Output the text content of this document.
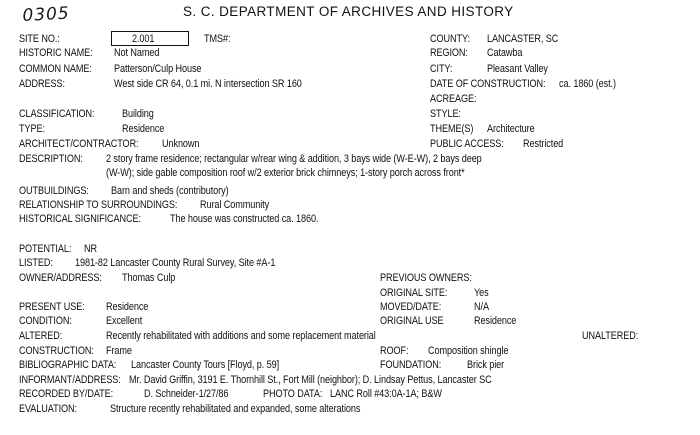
0305	S. C. DEPARTMENT OF ARCHIVES AND HISTORY
SITE NO.:	2.001	TMS#:
HISTORIC NAME: Not Named
COMMON NAME: Patterson/Culp House
ADDRESS:	West side CR 64, 0.1 mi. N intersection SR 160
COUNTY: LANCASTER, SC
REGION: Catawba
CITY:	Pleasant Valley
DATE OF CONSTRUCTION: ca. 1860 (est.)
ACREAGE:
STYLE:
THEME(S) Architecture
PUBLIC ACCESS: Restricted
CLASSIFICATION:	Building
TYPE:	Residence
ARCHITECT/CONTRACTOR: Unknown
DESCRIPTION: 2 story frame residence; rectangular w/rear wing & addition, 3 bays wide (W-E-W), 2 bays deep
(W-W); side gable composition roof w/2 exterior brick chimneys; 1-story porch across front*
OUTBUILDINGS: Barn and sheds (contributory)
RELATIONSHIP TO SURROUNDINGS: Rural Community
HISTORICAL SIGNIFICANCE:	The house was constructed ca. 1860.
POTENTIAL: NR
LISTED: 1981-82 Lancaster County Rural Survey, Site #A-1
OWNER/ADDRESS: Thomas Culp	PREVIOUS OWNERS:
ORIGINAL SITE:	Yes
PRESENT USE: Residence	MOVED/DATE:	N/A
CONDITION:	Excellent	ORIGINAL USE	Residence
ALTERED:	Recently rehabilitated with additions and some replacement material	UNALTERED:
CONSTRUCTION: Frame	ROOF: Composition shingle
BIBLIOGRAPHIC DATA: Lancaster County Tours [Floyd, p. 59]	FOUNDATION: Brick pier
INFORMANT/ADDRESS: Mr. David Griffin, 3191 E. Thornhill St., Fort Mill (neighbor); D. Lindsay Pettus, Lancaster SC
RECORDED BY/DATE:	D. Schneider-1/27/86	PHOTO DATA: LANC Roll #43:0A-1A; B&W
EVALUATION:	Structure recently rehabilitated and expanded, some alterations
